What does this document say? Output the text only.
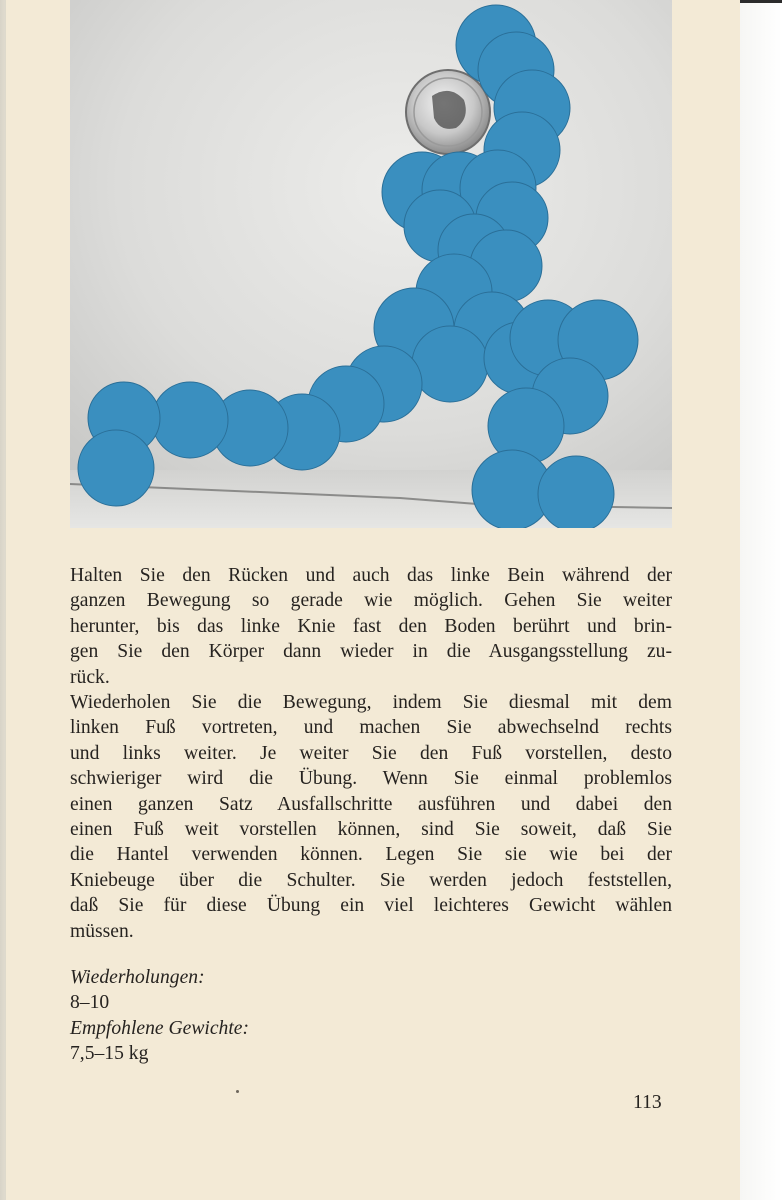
Halten Sie den Rücken und auch das linke Bein während der
ganzen Bewegung so gerade wie möglich. Gehen Sie weiter
herunter, bis das linke Knie fast den Boden berührt und brin-
gen Sie den Körper dann wieder in die Ausgangsstellung zu-
rück.
Wiederholen Sie die Bewegung, indem Sie diesmal mit dem
linken Fuß vortreten, und machen Sie abwechselnd rechts
und links weiter. Je weiter Sie den Fuß vorstellen, desto
schwieriger wird die Übung. Wenn Sie einmal problemlos
einen ganzen Satz Ausfallschritte ausführen und dabei den
einen Fuß weit vorstellen können, sind Sie soweit, daß Sie
die Hantel verwenden können. Legen Sie sie wie bei der
Kniebeuge über die Schulter. Sie werden jedoch feststellen,
daß Sie für diese Übung ein viel leichteres Gewicht wählen
müssen.
Wiederholungen:
8–10
Empfohlene Gewichte:
7,5–15 kg
113
